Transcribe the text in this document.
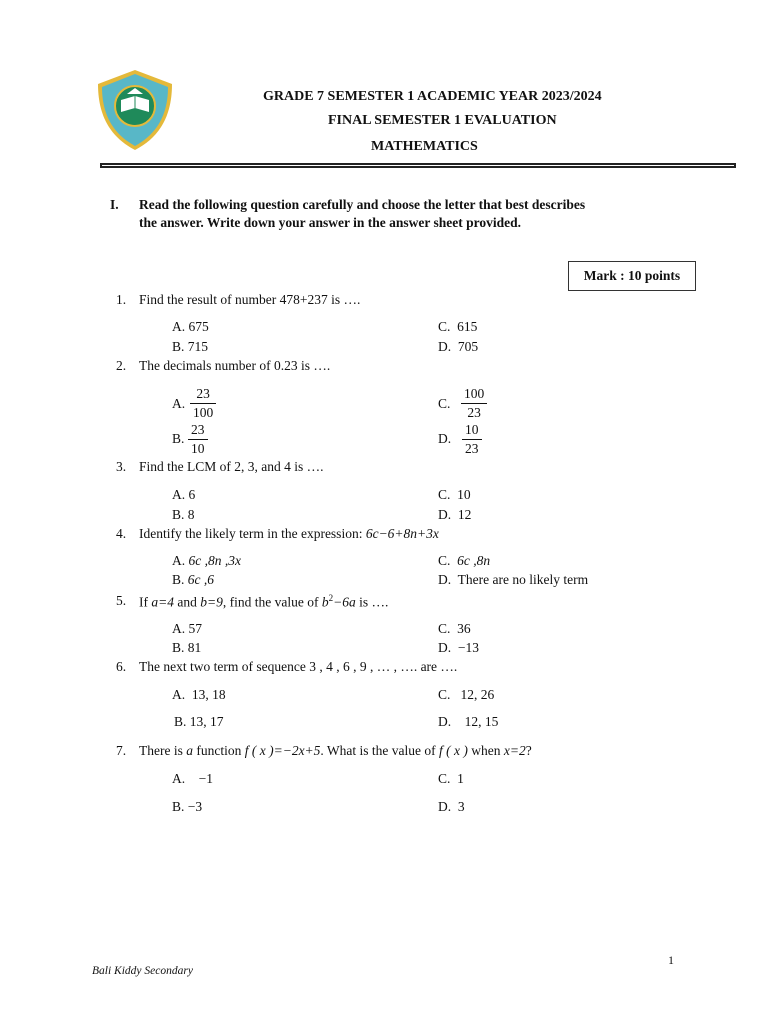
GRADE 7 SEMESTER 1 ACADEMIC YEAR 2023/2024
FINAL SEMESTER 1 EVALUATION
MATHEMATICS
I. Read the following question carefully and choose the letter that best describes
the answer. Write down your answer in the answer sheet provided.
Mark : 10 points
1. Find the result of number 478+237 is ….
A. 675
B. 715
C. 615
D. 705
2. The decimals number of 0.23 is ….
A. $\frac{23}{100}$
B. $\frac{23}{10}$
C. $\frac{100}{23}$
D. $\frac{10}{23}$
3. Find the LCM of 2, 3, and 4 is ….
A. 6
B. 8
C. 10
D. 12
4. Identify the likely term in the expression: 6c−6+8n+3x
A. 6c ,8n ,3x
B. 6c ,6
C. 6c ,8n
D. There are no likely term
5. If a=4 and b=9, find the value of $b^2-6a$ is ….
A. 57
B. 81
C. 36
D. −13
6. The next two term of sequence 3 , 4 , 6 , 9 , … , …. are ….
A. 13, 18
B. 13, 17
C. 12, 26
D. 12, 15
7. There is a function f ( x )=−2x+5. What is the value of f ( x ) when x=2?
A. −1
B. −3
C. 1
D. 3
1
Bali Kiddy Secondary
